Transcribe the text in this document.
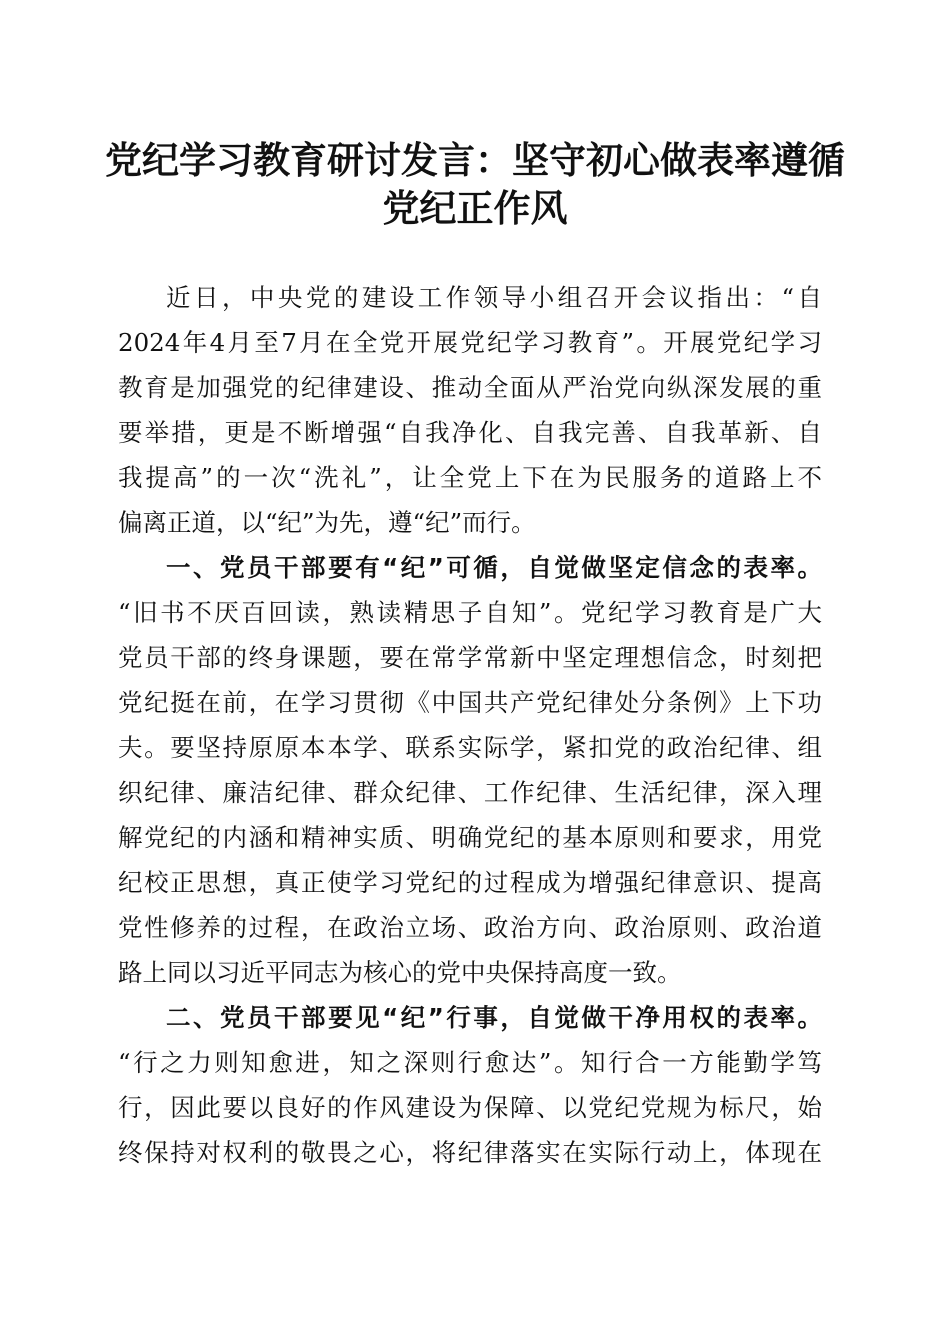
党纪学习教育研讨发言：坚守初心做表率遵循
党纪正作风

近日，中央党的建设工作领导小组召开会议指出：“自

2024年4月至7月在全党开展党纪学习教育”。开展党纪学习

教育是加强党的纪律建设、推动全面从严治党向纵深发展的重

要举措，更是不断增强“自我净化、自我完善、自我革新、自

我提高”的一次“洗礼”，让全党上下在为民服务的道路上不

偏离正道，以“纪”为先，遵“纪”而行。

一、党员干部要有“纪”可循，自觉做坚定信念的表率。

“旧书不厌百回读，熟读精思子自知”。党纪学习教育是广大

党员干部的终身课题，要在常学常新中坚定理想信念，时刻把

党纪挺在前，在学习贯彻《中国共产党纪律处分条例》上下功

夫。要坚持原原本本学、联系实际学，紧扣党的政治纪律、组

织纪律、廉洁纪律、群众纪律、工作纪律、生活纪律，深入理

解党纪的内涵和精神实质、明确党纪的基本原则和要求，用党

纪校正思想，真正使学习党纪的过程成为增强纪律意识、提高

党性修养的过程，在政治立场、政治方向、政治原则、政治道

路上同以习近平同志为核心的党中央保持高度一致。

二、党员干部要见“纪”行事，自觉做干净用权的表率。

“行之力则知愈进，知之深则行愈达”。知行合一方能勤学笃

行，因此要以良好的作风建设为保障、以党纪党规为标尺，始

终保持对权利的敬畏之心，将纪律落实在实际行动上，体现在
